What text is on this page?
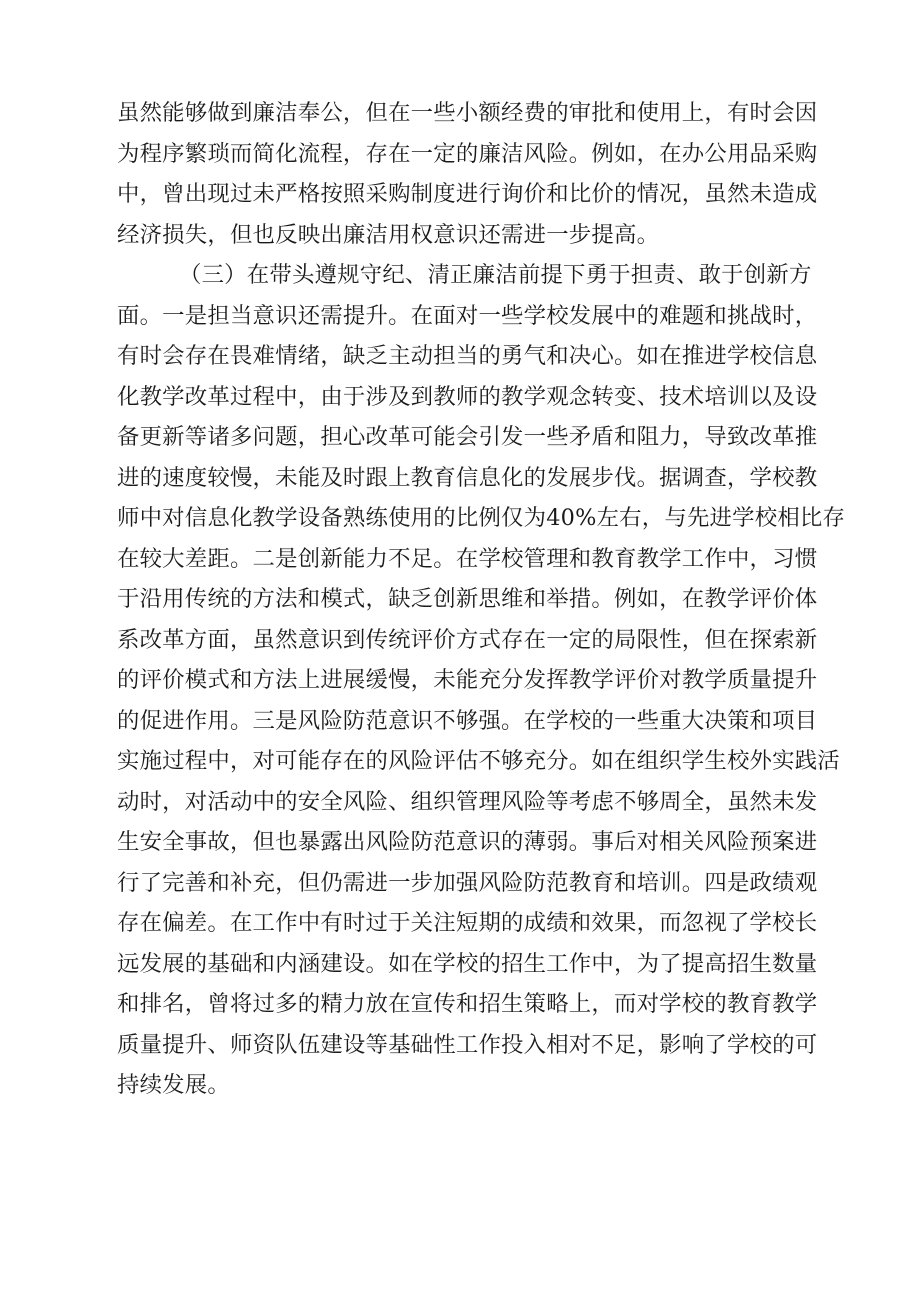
虽然能够做到廉洁奉公，但在一些小额经费的审批和使用上，有时会因
为程序繁琐而简化流程，存在一定的廉洁风险。例如，在办公用品采购
中，曾出现过未严格按照采购制度进行询价和比价的情况，虽然未造成
经济损失，但也反映出廉洁用权意识还需进一步提高。
（三）在带头遵规守纪、清正廉洁前提下勇于担责、敢于创新方
面。一是担当意识还需提升。在面对一些学校发展中的难题和挑战时，
有时会存在畏难情绪，缺乏主动担当的勇气和决心。如在推进学校信息
化教学改革过程中，由于涉及到教师的教学观念转变、技术培训以及设
备更新等诸多问题，担心改革可能会引发一些矛盾和阻力，导致改革推
进的速度较慢，未能及时跟上教育信息化的发展步伐。据调查，学校教
师中对信息化教学设备熟练使用的比例仅为40%左右，与先进学校相比存
在较大差距。二是创新能力不足。在学校管理和教育教学工作中，习惯
于沿用传统的方法和模式，缺乏创新思维和举措。例如，在教学评价体
系改革方面，虽然意识到传统评价方式存在一定的局限性，但在探索新
的评价模式和方法上进展缓慢，未能充分发挥教学评价对教学质量提升
的促进作用。三是风险防范意识不够强。在学校的一些重大决策和项目
实施过程中，对可能存在的风险评估不够充分。如在组织学生校外实践活
动时，对活动中的安全风险、组织管理风险等考虑不够周全，虽然未发
生安全事故，但也暴露出风险防范意识的薄弱。事后对相关风险预案进
行了完善和补充，但仍需进一步加强风险防范教育和培训。四是政绩观
存在偏差。在工作中有时过于关注短期的成绩和效果，而忽视了学校长
远发展的基础和内涵建设。如在学校的招生工作中，为了提高招生数量
和排名，曾将过多的精力放在宣传和招生策略上，而对学校的教育教学
质量提升、师资队伍建设等基础性工作投入相对不足，影响了学校的可
持续发展。
